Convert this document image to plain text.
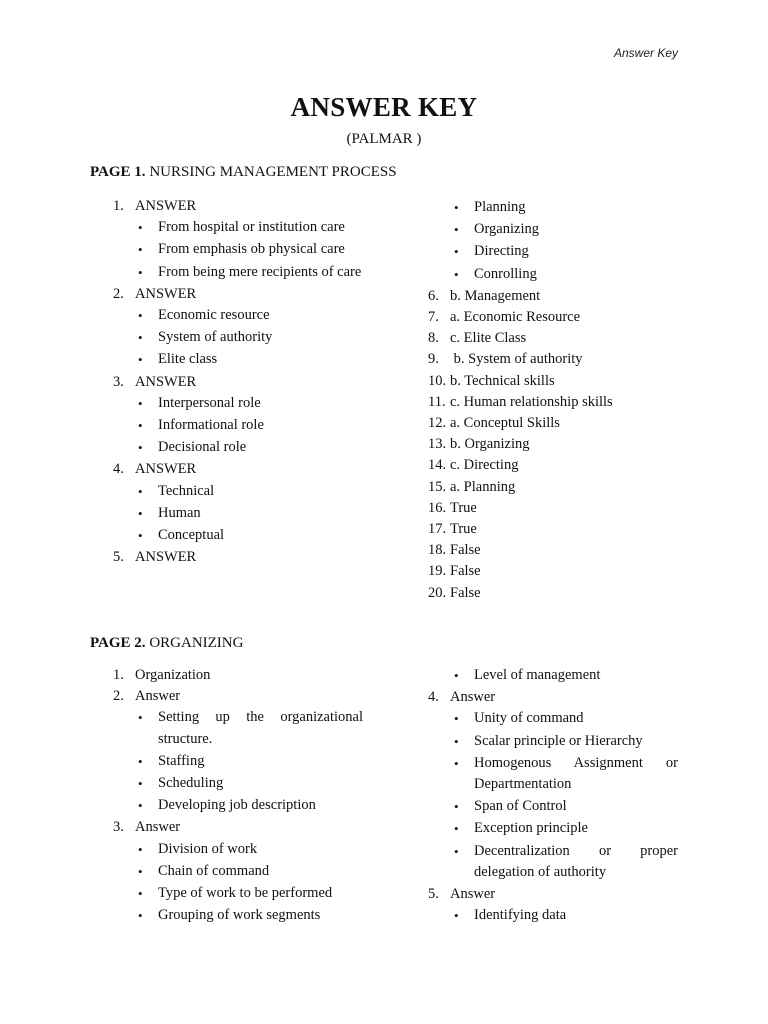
Answer Key
ANSWER KEY
(PALMAR )
PAGE 1. NURSING MANAGEMENT PROCESS
1. ANSWER
• From hospital or institution care
• From emphasis ob physical care
• From being mere recipients of care
2. ANSWER
• Economic resource
• System of authority
• Elite class
3. ANSWER
• Interpersonal role
• Informational role
• Decisional role
4. ANSWER
• Technical
• Human
• Conceptual
5. ANSWER
• Planning
• Organizing
• Directing
• Conrolling
6. b. Management
7. a. Economic Resource
8. c. Elite Class
9. b. System of authority
10. b. Technical skills
11. c. Human relationship skills
12. a. Conceptul Skills
13. b. Organizing
14. c. Directing
15. a. Planning
16. True
17. True
18. False
19. False
20. False
PAGE 2. ORGANIZING
1. Organization
2. Answer
• Setting up the organizational structure.
• Staffing
• Scheduling
• Developing job description
3. Answer
• Division of work
• Chain of command
• Type of work to be performed
• Grouping of work segments
• Level of management
4. Answer
• Unity of command
• Scalar principle or Hierarchy
• Homogenous Assignment or Departmentation
• Span of Control
• Exception principle
• Decentralization or proper delegation of authority
5. Answer
• Identifying data
